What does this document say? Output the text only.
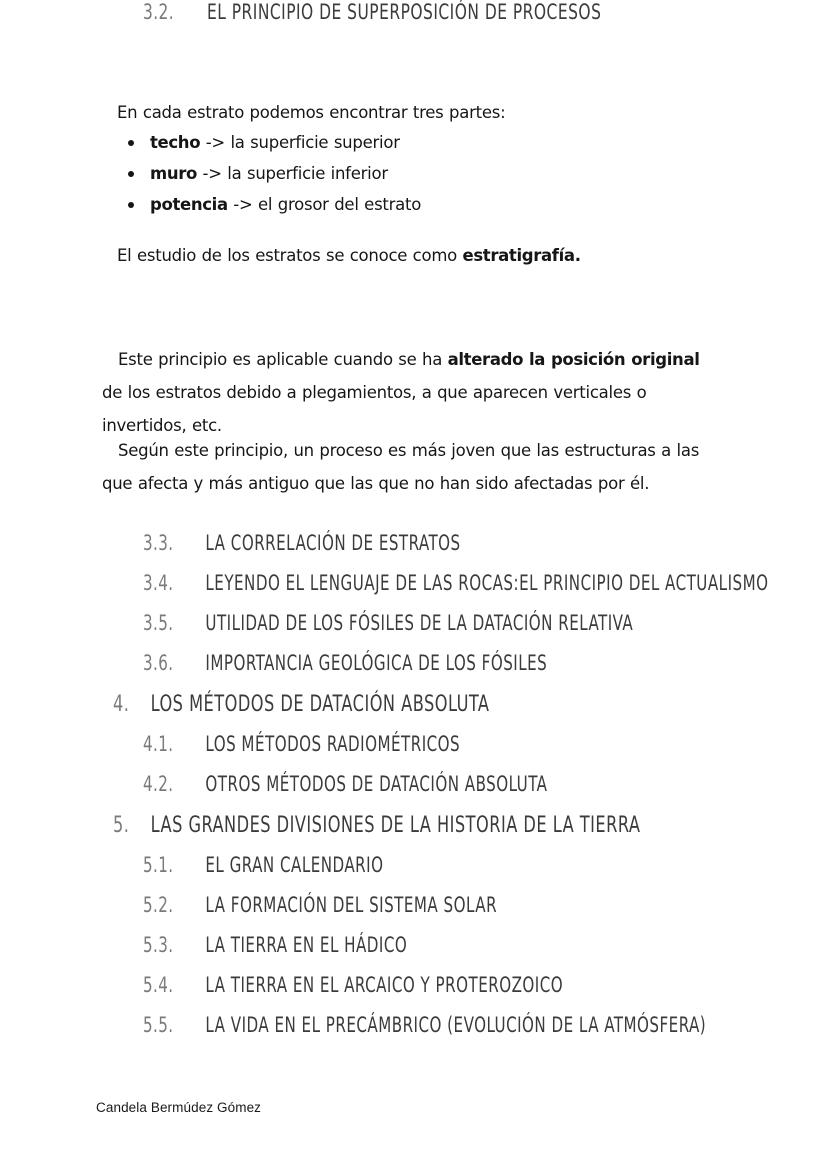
En cada estrato podemos encontrar tres partes:
techo -> la superficie superior
muro -> la superficie inferior
potencia -> el grosor del estrato
El estudio de los estratos se conoce como estratigrafía.
3.2. EL PRINCIPIO DE SUPERPOSICIÓN DE PROCESOS
Este principio es aplicable cuando se ha alterado la posición original de los estratos debido a plegamientos, a que aparecen verticales o invertidos, etc.
Según este principio, un proceso es más joven que las estructuras a las que afecta y más antiguo que las que no han sido afectadas por él.
3.3. LA CORRELACIÓN DE ESTRATOS
3.4. LEYENDO EL LENGUAJE DE LAS ROCAS:EL PRINCIPIO DEL ACTUALISMO
3.5. UTILIDAD DE LOS FÓSILES DE LA DATACIÓN RELATIVA
3.6. IMPORTANCIA GEOLÓGICA DE LOS FÓSILES
4. LOS MÉTODOS DE DATACIÓN ABSOLUTA
4.1. LOS MÉTODOS RADIOMÉTRICOS
4.2. OTROS MÉTODOS DE DATACIÓN ABSOLUTA
5. LAS GRANDES DIVISIONES DE LA HISTORIA DE LA TIERRA
5.1. EL GRAN CALENDARIO
5.2. LA FORMACIÓN DEL SISTEMA SOLAR
5.3. LA TIERRA EN EL HÁDICO
5.4. LA TIERRA EN EL ARCAICO Y PROTEROZOICO
5.5. LA VIDA EN EL PRECÁMBRICO (EVOLUCIÓN DE LA ATMÓSFERA)
Candela Bermúdez Gómez
